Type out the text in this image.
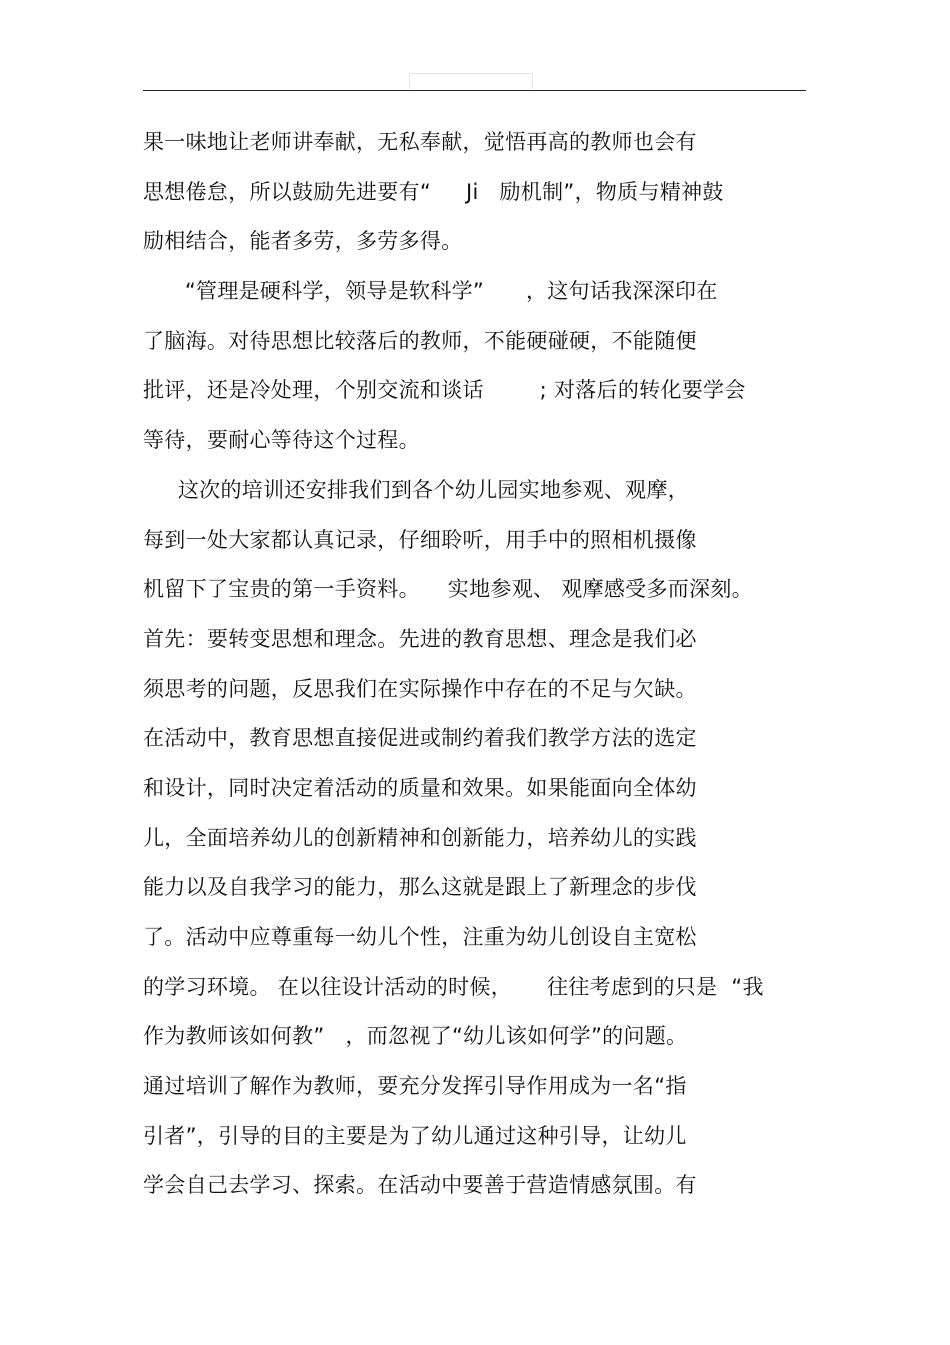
果一味地让老师讲奉献，无私奉献，觉悟再高的教师也会有
思想倦怠，所以鼓励先进要有“     Ji   励机制”，物质与精神鼓
励相结合，能者多劳，多劳多得。
“管理是硬科学，领导是软科学”      ，这句话我深深印在
了脑海。对待思想比较落后的教师，不能硬碰硬，不能随便
批评，还是冷处理，个别交流和谈话        ; 对落后的转化要学会
等待，要耐心等待这个过程。
这次的培训还安排我们到各个幼儿园实地参观、观摩，
每到一处大家都认真记录，仔细聆听，用手中的照相机摄像
机留下了宝贵的第一手资料。    实地参观、 观摩感受多而深刻。
首先：要转变思想和理念。先进的教育思想、理念是我们必
须思考的问题，反思我们在实际操作中存在的不足与欠缺。
在活动中，教育思想直接促进或制约着我们教学方法的选定
和设计，同时决定着活动的质量和效果。如果能面向全体幼
儿，全面培养幼儿的创新精神和创新能力，培养幼儿的实践
能力以及自我学习的能力，那么这就是跟上了新理念的步伐
了。活动中应尊重每一幼儿个性，注重为幼儿创设自主宽松
的学习环境。 在以往设计活动的时候，     往往考虑到的只是  “我
作为教师该如何教”   ，而忽视了“幼儿该如何学”的问题。
通过培训了解作为教师，要充分发挥引导作用成为一名“指
引者”，引导的目的主要是为了幼儿通过这种引导，让幼儿
学会自己去学习、探索。在活动中要善于营造情感氛围。有
